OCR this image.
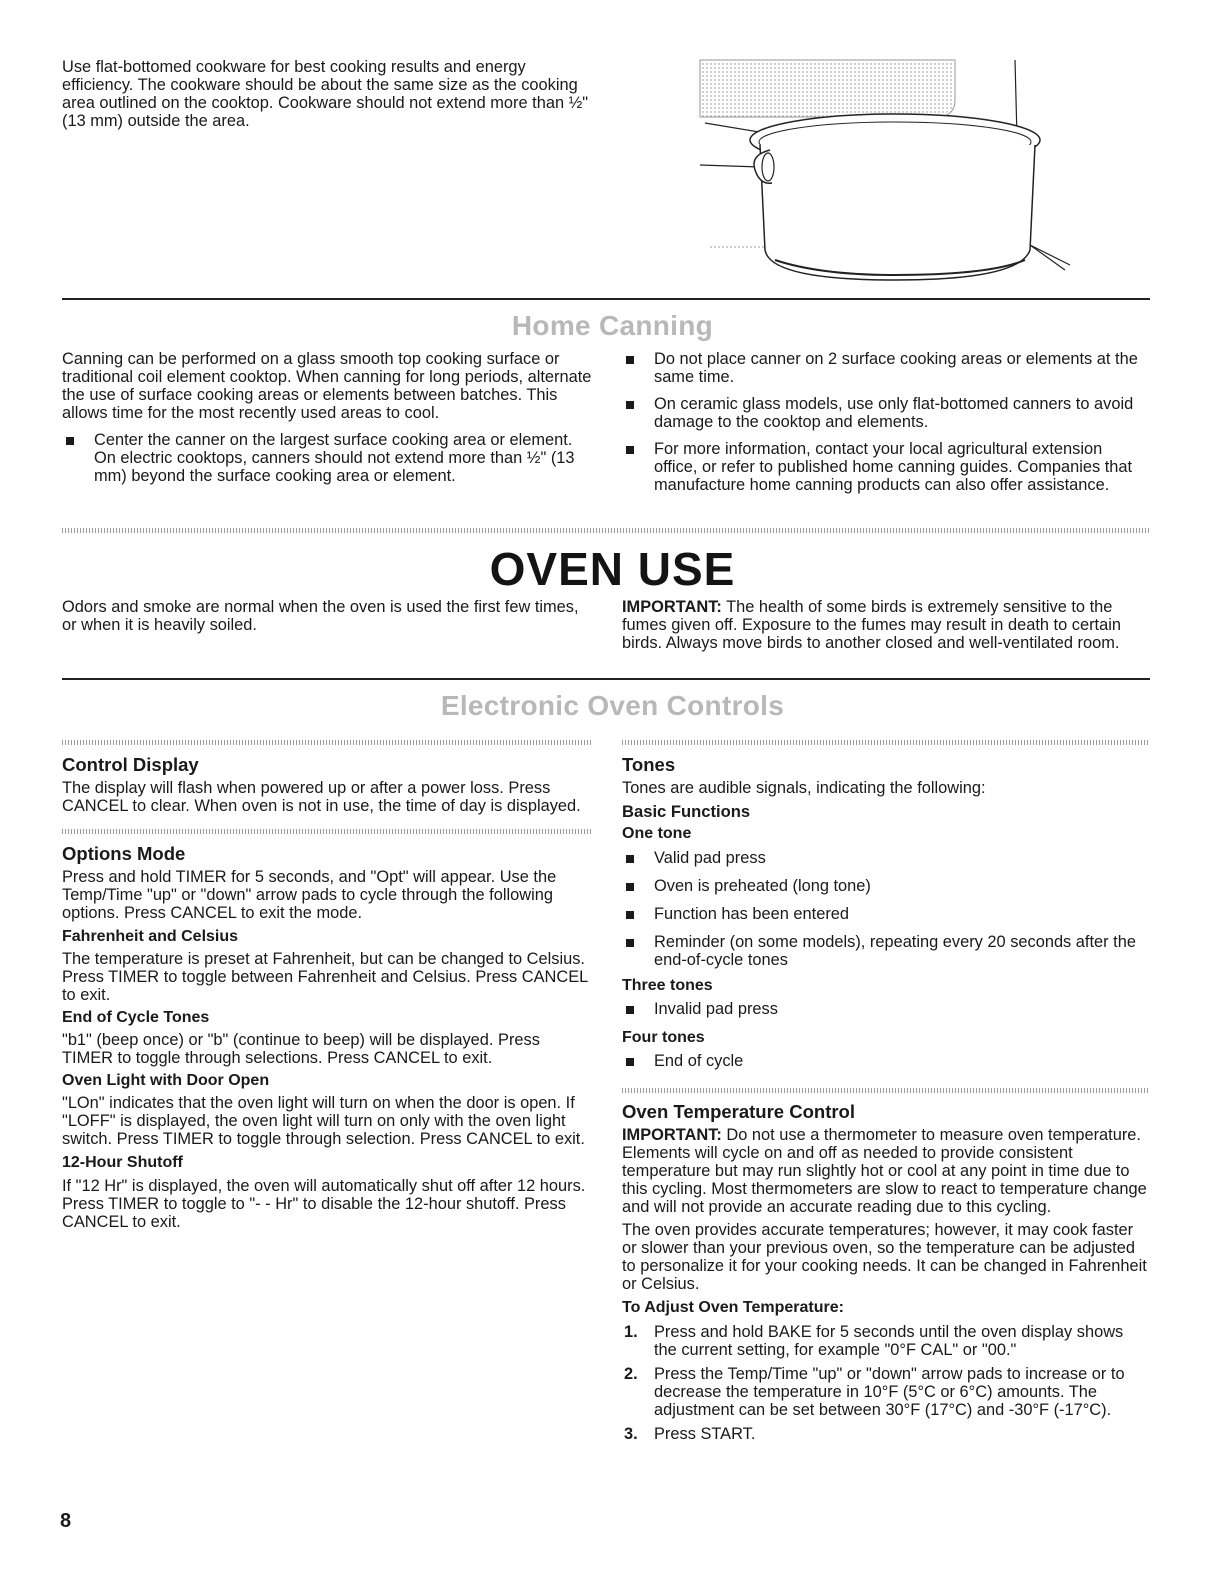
Use flat-bottomed cookware for best cooking results and energy efficiency. The cookware should be about the same size as the cooking area outlined on the cooktop. Cookware should not extend more than ½" (13 mm) outside the area.

Home Canning

Canning can be performed on a glass smooth top cooking surface or traditional coil element cooktop. When canning for long periods, alternate the use of surface cooking areas or elements between batches. This allows time for the most recently used areas to cool.

Center the canner on the largest surface cooking area or element. On electric cooktops, canners should not extend more than ½" (13 mm) beyond the surface cooking area or element.
Do not place canner on 2 surface cooking areas or elements at the same time.
On ceramic glass models, use only flat-bottomed canners to avoid damage to the cooktop and elements.
For more information, contact your local agricultural extension office, or refer to published home canning guides. Companies that manufacture home canning products can also offer assistance.
OVEN USE

Odors and smoke are normal when the oven is used the first few times, or when it is heavily soiled.

IMPORTANT: The health of some birds is extremely sensitive to the fumes given off. Exposure to the fumes may result in death to certain birds. Always move birds to another closed and well-ventilated room.

Electronic Oven Controls
Control Display

The display will flash when powered up or after a power loss. Press CANCEL to clear. When oven is not in use, the time of day is displayed.

Options Mode

Press and hold TIMER for 5 seconds, and "Opt" will appear. Use the Temp/Time "up" or "down" arrow pads to cycle through the following options. Press CANCEL to exit the mode.

Fahrenheit and Celsius

The temperature is preset at Fahrenheit, but can be changed to Celsius. Press TIMER to toggle between Fahrenheit and Celsius. Press CANCEL to exit.

End of Cycle Tones

"b1" (beep once) or "b" (continue to beep) will be displayed. Press TIMER to toggle through selections. Press CANCEL to exit.

Oven Light with Door Open

"LOn" indicates that the oven light will turn on when the door is open. If "LOFF" is displayed, the oven light will turn on only with the oven light switch. Press TIMER to toggle through selection. Press CANCEL to exit.

12-Hour Shutoff

If "12 Hr" is displayed, the oven will automatically shut off after 12 hours. Press TIMER to toggle to "- - Hr" to disable the 12-hour shutoff. Press CANCEL to exit.

Tones

Tones are audible signals, indicating the following:

Basic Functions
One tone
Valid pad press
Oven is preheated (long tone)
Function has been entered
Reminder (on some models), repeating every 20 seconds after the end-of-cycle tones
Three tones
Invalid pad press
Four tones
End of cycle
Oven Temperature Control

IMPORTANT: Do not use a thermometer to measure oven temperature. Elements will cycle on and off as needed to provide consistent temperature but may run slightly hot or cool at any point in time due to this cycling. Most thermometers are slow to react to temperature change and will not provide an accurate reading due to this cycling.

The oven provides accurate temperatures; however, it may cook faster or slower than your previous oven, so the temperature can be adjusted to personalize it for your cooking needs. It can be changed in Fahrenheit or Celsius.

To Adjust Oven Temperature:
1. Press and hold BAKE for 5 seconds until the oven display shows the current setting, for example "0°F CAL" or "00."
2. Press the Temp/Time "up" or "down" arrow pads to increase or to decrease the temperature in 10°F (5°C or 6°C) amounts. The adjustment can be set between 30°F (17°C) and -30°F (-17°C).
3. Press START.
8
